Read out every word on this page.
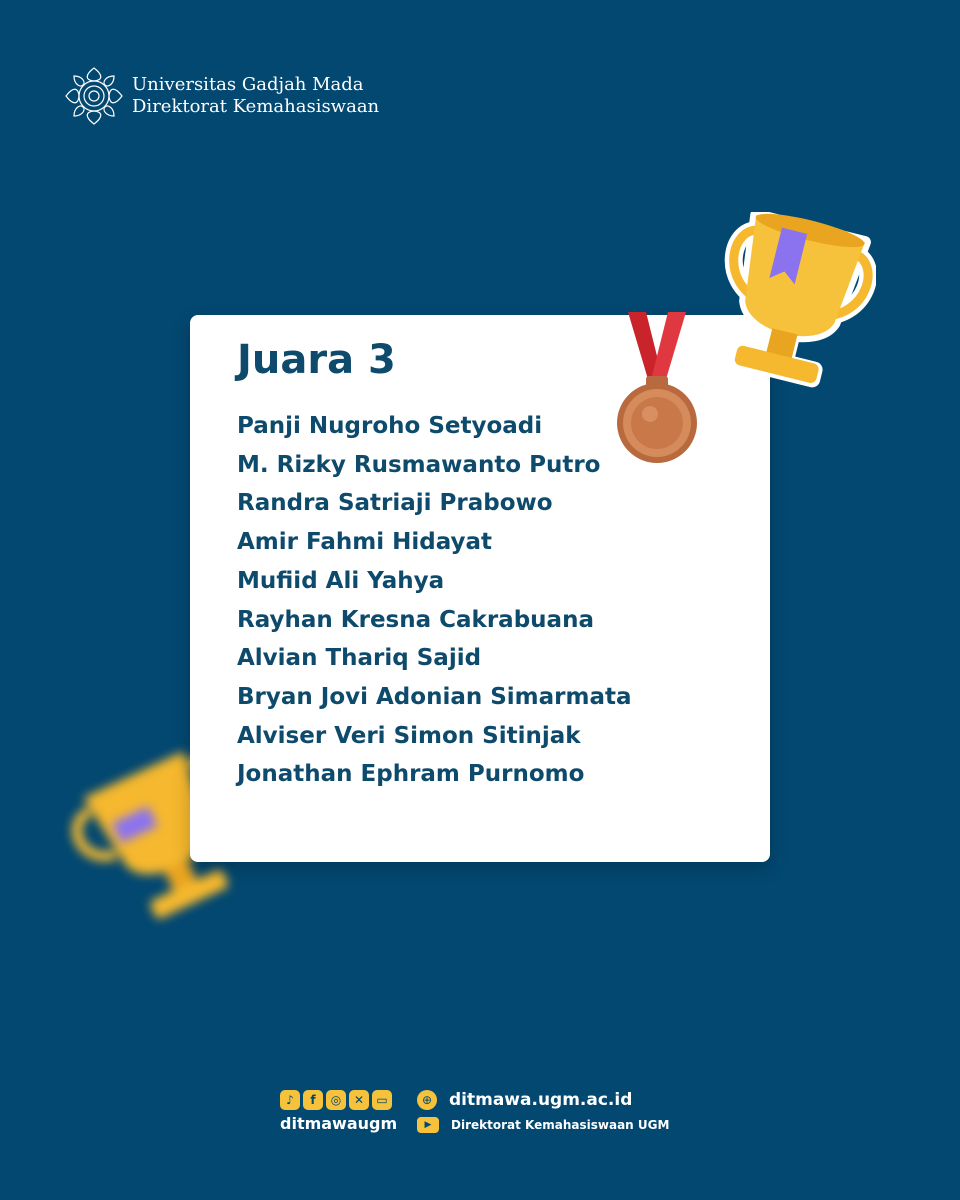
Universitas Gadjah Mada
Direktorat Kemahasiswaan
Juara 3
Panji Nugroho Setyoadi
M. Rizky Rusmawanto Putro
Randra Satriaji Prabowo
Amir Fahmi Hidayat
Mufiid Ali Yahya
Rayhan Kresna Cakrabuana
Alvian Thariq Sajid
Bryan Jovi Adonian Simarmata
Alviser Veri Simon Sitinjak
Jonathan Ephram Purnomo
♪	f	◎	✕	▭
ditmawaugm
⊕ ditmawa.ugm.ac.id
▶	Direktorat Kemahasiswaan UGM
